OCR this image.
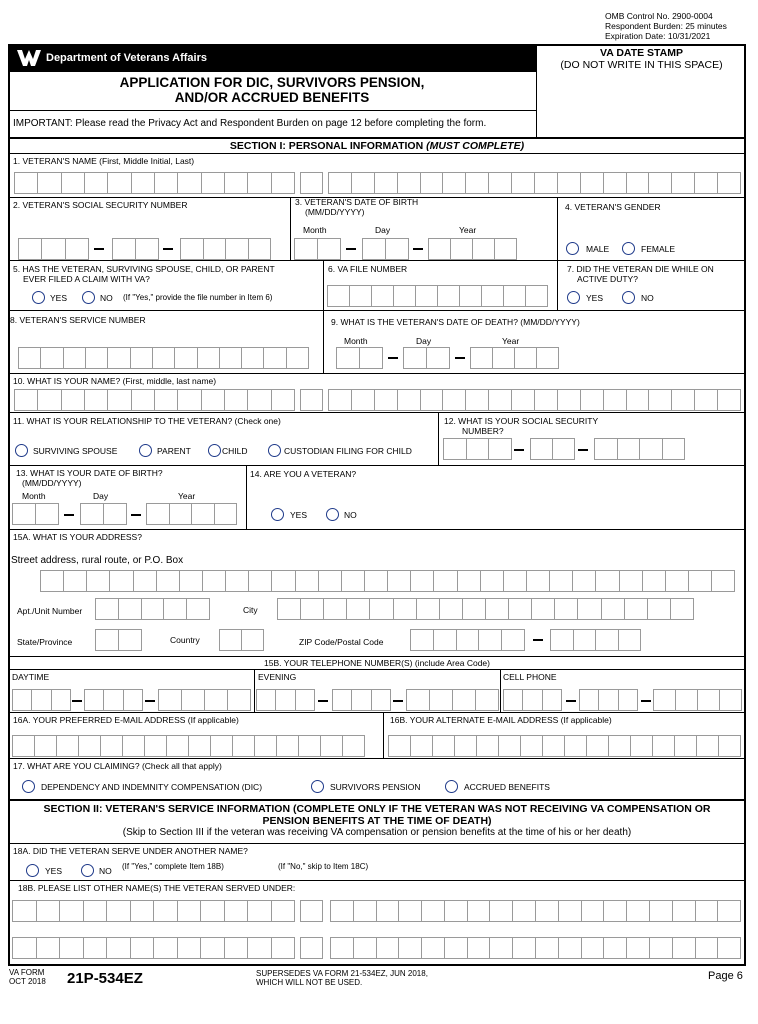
OMB Control No. 2900-0004
Respondent Burden: 25 minutes
Expiration Date: 10/31/2021
Department of Veterans Affairs
APPLICATION FOR DIC, SURVIVORS PENSION,
AND/OR ACCRUED BENEFITS
VA DATE STAMP
(DO NOT WRITE IN THIS SPACE)
IMPORTANT: Please read the Privacy Act and Respondent Burden on page 12 before completing the form.
SECTION I: PERSONAL INFORMATION (MUST COMPLETE)
1. VETERAN'S NAME (First, Middle Initial, Last)
2. VETERAN'S SOCIAL SECURITY NUMBER	3. VETERAN'S DATE OF BIRTH
(MM/DD/YYYY)
Month	Day	Year
4. VETERAN'S GENDER
MALE	FEMALE
5. HAS THE VETERAN, SURVIVING SPOUSE, CHILD, OR PARENT
EVER FILED A CLAIM WITH VA?
YES	NO (If "Yes," provide the file number in Item 6)
6. VA FILE NUMBER	7. DID THE VETERAN DIE WHILE ON
ACTIVE DUTY?
YES	NO
8. VETERAN'S SERVICE NUMBER	9. WHAT IS THE VETERAN'S DATE OF DEATH? (MM/DD/YYYY)
Month	Day	Year
10. WHAT IS YOUR NAME? (First, middle, last name)
11. WHAT IS YOUR RELATIONSHIP TO THE VETERAN? (Check one)
SURVIVING SPOUSE	PARENT	CHILD	CUSTODIAN FILING FOR CHILD
12. WHAT IS YOUR SOCIAL SECURITY
NUMBER?
13. WHAT IS YOUR DATE OF BIRTH?
(MM/DD/YYYY)
Month	Day	Year
14. ARE YOU A VETERAN?
YES	NO
15A. WHAT IS YOUR ADDRESS?
Street address, rural route, or P.O. Box
Apt./Unit Number	City
State/Province	Country	ZIP Code/Postal Code
15B. YOUR TELEPHONE NUMBER(S) (include Area Code)
DAYTIME	EVENING	CELL PHONE
16A. YOUR PREFERRED E-MAIL ADDRESS (If applicable)	16B. YOUR ALTERNATE E-MAIL ADDRESS (If applicable)
17. WHAT ARE YOU CLAIMING? (Check all that apply)
DEPENDENCY AND INDEMNITY COMPENSATION (DIC)	SURVIVORS PENSION	ACCRUED BENEFITS
SECTION II: VETERAN'S SERVICE INFORMATION (COMPLETE ONLY IF THE VETERAN WAS NOT RECEIVING VA COMPENSATION OR
PENSION BENEFITS AT THE TIME OF DEATH)
(Skip to Section III if the veteran was receiving VA compensation or pension benefits at the time of his or her death)
18A. DID THE VETERAN SERVE UNDER ANOTHER NAME?
YES	NO (If "Yes," complete Item 18B)	(If "No," skip to Item 18C)
18B. PLEASE LIST OTHER NAME(S) THE VETERAN SERVED UNDER:
VA FORM
OCT 2018 21P-534EZ	SUPERSEDES VA FORM 21-534EZ, JUN 2018,
WHICH WILL NOT BE USED.
Page 6
